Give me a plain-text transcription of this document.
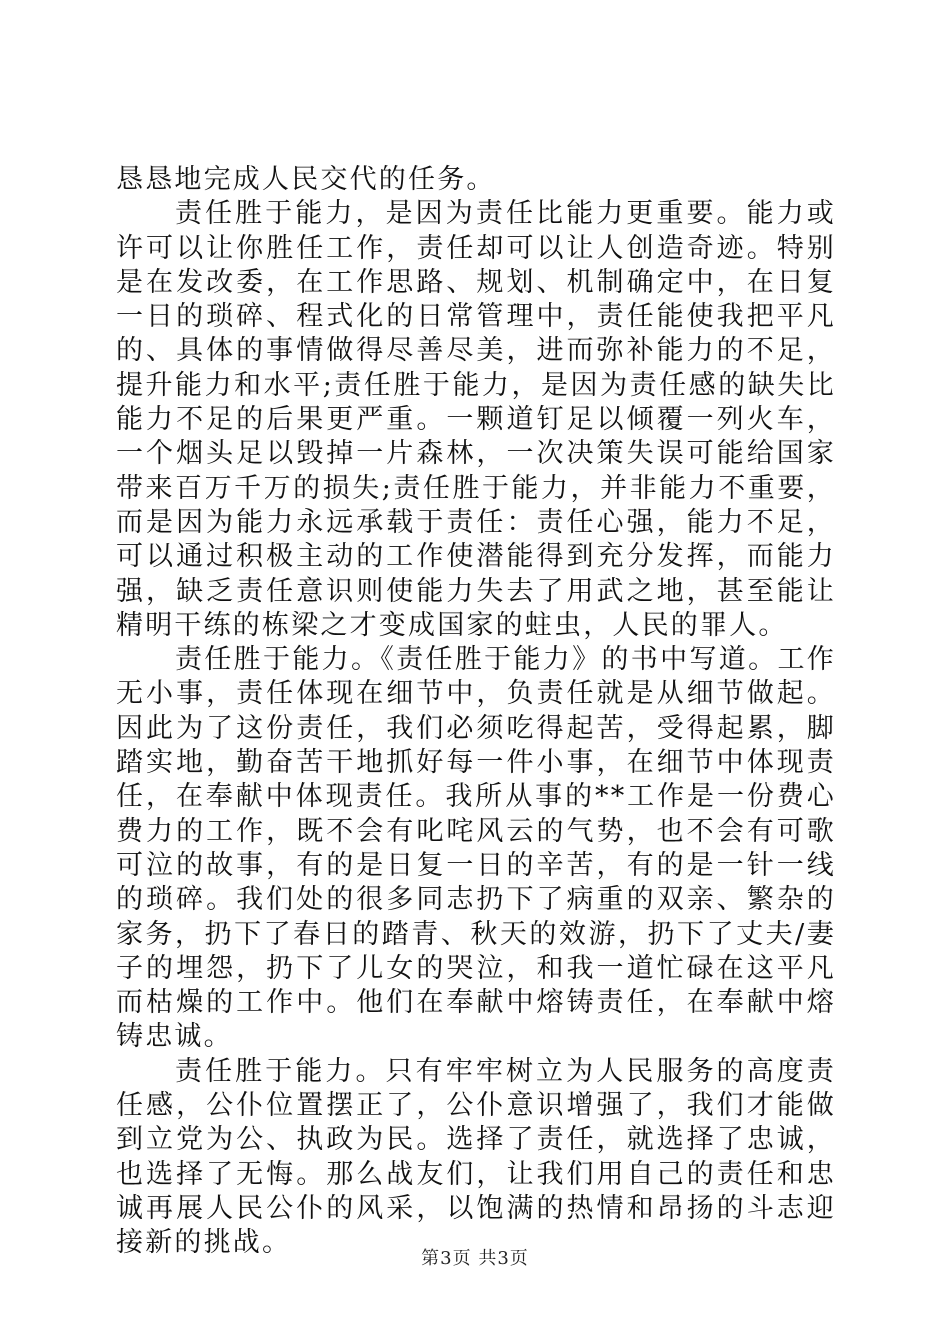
恳恳地完成人民交代的任务。

责任胜于能力，是因为责任比能力更重要。能力或许可以让你胜任工作，责任却可以让人创造奇迹。特别是在发改委，在工作思路、规划、机制确定中，在日复一日的琐碎、程式化的日常管理中，责任能使我把平凡的、具体的事情做得尽善尽美，进而弥补能力的不足，提升能力和水平;责任胜于能力，是因为责任感的缺失比能力不足的后果更严重。一颗道钉足以倾覆一列火车，一个烟头足以毁掉一片森林，一次决策失误可能给国家带来百万千万的损失;责任胜于能力，并非能力不重要，而是因为能力永远承载于责任：责任心强，能力不足，可以通过积极主动的工作使潜能得到充分发挥，而能力强，缺乏责任意识则使能力失去了用武之地，甚至能让精明干练的栋梁之才变成国家的蛀虫，人民的罪人。

责任胜于能力。《责任胜于能力》的书中写道。工作无小事，责任体现在细节中，负责任就是从细节做起。因此为了这份责任，我们必须吃得起苦，受得起累，脚踏实地，勤奋苦干地抓好每一件小事，在细节中体现责任，在奉献中体现责任。我所从事的**工作是一份费心费力的工作，既不会有叱咤风云的气势，也不会有可歌可泣的故事，有的是日复一日的辛苦，有的是一针一线的琐碎。我们处的很多同志扔下了病重的双亲、繁杂的家务，扔下了春日的踏青、秋天的效游，扔下了丈夫/妻子的埋怨，扔下了儿女的哭泣，和我一道忙碌在这平凡而枯燥的工作中。他们在奉献中熔铸责任，在奉献中熔铸忠诚。

责任胜于能力。只有牢牢树立为人民服务的高度责任感，公仆位置摆正了，公仆意识增强了，我们才能做到立党为公、执政为民。选择了责任，就选择了忠诚，也选择了无悔。那么战友们，让我们用自己的责任和忠诚再展人民公仆的风采，以饱满的热情和昂扬的斗志迎接新的挑战。

第3页 共3页
